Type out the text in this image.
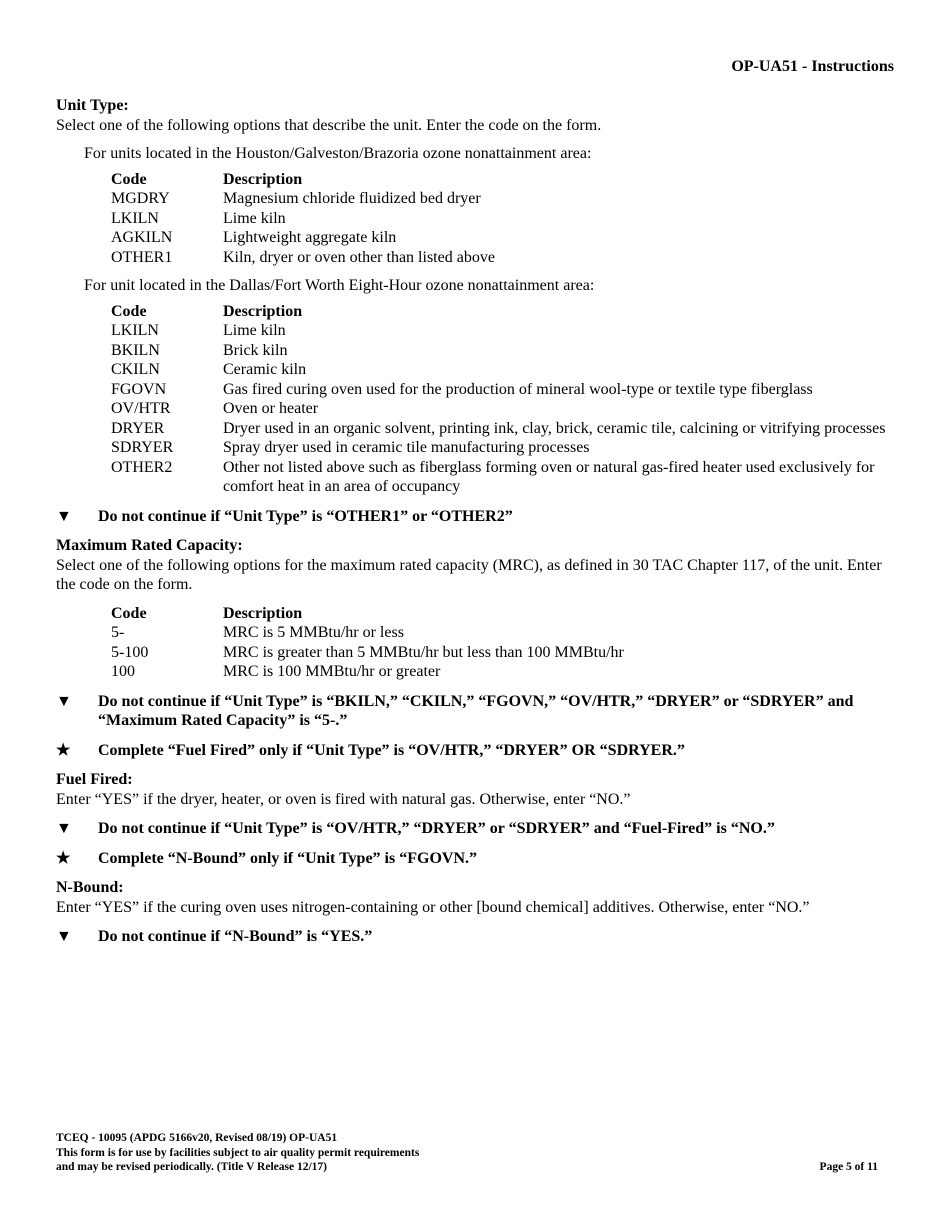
OP-UA51 - Instructions
Unit Type:
Select one of the following options that describe the unit. Enter the code on the form.
For units located in the Houston/Galveston/Brazoria ozone nonattainment area:
Code	Description
MGDRY	Magnesium chloride fluidized bed dryer
LKILN	Lime kiln
AGKILN	Lightweight aggregate kiln
OTHER1	Kiln, dryer or oven other than listed above
For unit located in the Dallas/Fort Worth Eight-Hour ozone nonattainment area:
Code	Description
LKILN	Lime kiln
BKILN	Brick kiln
CKILN	Ceramic kiln
FGOVN	Gas fired curing oven used for the production of mineral wool-type or textile type fiberglass
OV/HTR	Oven or heater
DRYER	Dryer used in an organic solvent, printing ink, clay, brick, ceramic tile, calcining or vitrifying processes
SDRYER	Spray dryer used in ceramic tile manufacturing processes
OTHER2	Other not listed above such as fiberglass forming oven or natural gas-fired heater used exclusively for comfort heat in an area of occupancy
▼	Do not continue if “Unit Type” is “OTHER1” or “OTHER2”
Maximum Rated Capacity:
Select one of the following options for the maximum rated capacity (MRC), as defined in 30 TAC Chapter 117, of the unit. Enter the code on the form.
Code	Description
5-	MRC is 5 MMBtu/hr or less
5-100	MRC is greater than 5 MMBtu/hr but less than 100 MMBtu/hr
100	MRC is 100 MMBtu/hr or greater
▼	Do not continue if “Unit Type” is “BKILN,” “CKILN,” “FGOVN,” “OV/HTR,” “DRYER” or “SDRYER” and “Maximum Rated Capacity” is “5-.”
★	Complete “Fuel Fired” only if “Unit Type” is “OV/HTR,” “DRYER” OR “SDRYER.”
Fuel Fired:
Enter “YES” if the dryer, heater, or oven is fired with natural gas. Otherwise, enter “NO.”
▼	Do not continue if “Unit Type” is “OV/HTR,” “DRYER” or “SDRYER” and “Fuel-Fired” is “NO.”
★	Complete “N-Bound” only if “Unit Type” is “FGOVN.”
N-Bound:
Enter “YES” if the curing oven uses nitrogen-containing or other [bound chemical] additives. Otherwise, enter “NO.”
▼	Do not continue if “N-Bound” is “YES.”
TCEQ - 10095 (APDG 5166v20, Revised 08/19) OP-UA51
This form is for use by facilities subject to air quality permit requirements
and may be revised periodically. (Title V Release 12/17)	Page 5 of 11
